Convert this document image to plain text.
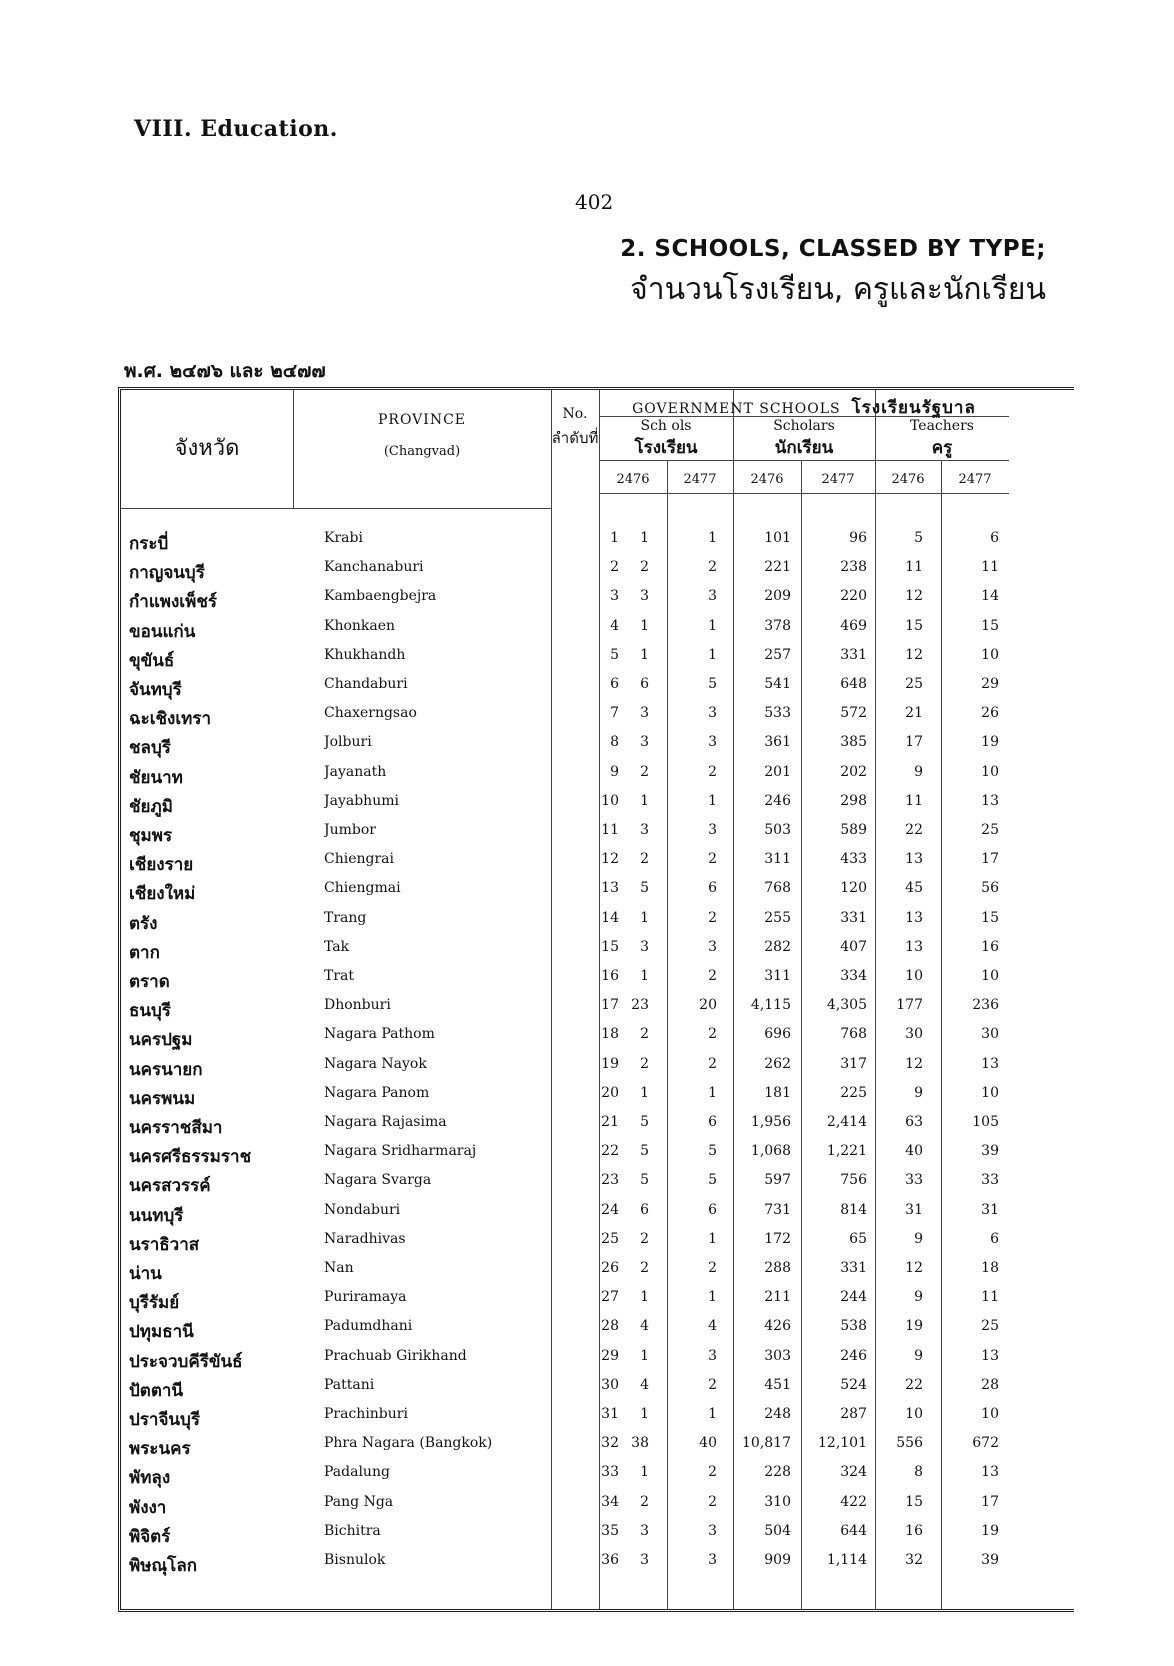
VIII. Education.
402
2. SCHOOLS, CLASSED BY TYPE;
จำนวนโรงเรียน, ครูและนักเรียน
พ.ศ. ๒๔๗๖ และ ๒๔๗๗
จังหวัด
PROVINCE
(Changvad)
No.
ลำดับที่
GOVERNMENT SCHOOLS โรงเรียนรัฐบาล
Sch ols
โรงเรียน
Scholars
นักเรียน
Teachers
ครู
2476	2477	2476	2477	2476	2477
กระบี่	Krabi	1	1	1	101	96	5	6
กาญจนบุรี	Kanchanaburi	2	2	2	221	238	11	11
กำแพงเพ็ชร์	Kambaengbejra	3	3	3	209	220	12	14
ขอนแก่น	Khonkaen	4	1	1	378	469	15	15
ขุขันธ์	Khukhandh	5	1	1	257	331	12	10
จันทบุรี	Chandaburi	6	6	5	541	648	25	29
ฉะเชิงเทรา	Chaxerngsao	7	3	3	533	572	21	26
ชลบุรี	Jolburi	8	3	3	361	385	17	19
ชัยนาท	Jayanath	9	2	2	201	202	9	10
ชัยภูมิ	Jayabhumi	10	1	1	246	298	11	13
ชุมพร	Jumbor	11	3	3	503	589	22	25
เชียงราย	Chiengrai	12	2	2	311	433	13	17
เชียงใหม่	Chiengmai	13	5	6	768	120	45	56
ตรัง	Trang	14	1	2	255	331	13	15
ตาก	Tak	15	3	3	282	407	13	16
ตราด	Trat	16	1	2	311	334	10	10
ธนบุรี	Dhonburi	17 23	20	4,115	4,305	177	236
นครปฐม	Nagara Pathom	18	2	2	696	768	30	30
นครนายก	Nagara Nayok	19	2	2	262	317	12	13
นครพนม	Nagara Panom	20	1	1	181	225	9	10
นครราชสีมา	Nagara Rajasima	21	5	6	1,956	2,414	63	105
นครศรีธรรมราช	Nagara Sridharmaraj	22	5	5	1,068	1,221	40	39
นครสวรรค์	Nagara Svarga	23	5	5	597	756	33	33
นนทบุรี	Nondaburi	24	6	6	731	814	31	31
นราธิวาส	Naradhivas	25	2	1	172	65	9	6
น่าน	Nan	26	2	2	288	331	12	18
บุรีรัมย์	Puriramaya	27	1	1	211	244	9	11
ปทุมธานี	Padumdhani	28	4	4	426	538	19	25
ประจวบคีรีขันธ์	Prachuab Girikhand	29	1	3	303	246	9	13
ปัตตานี	Pattani	30	4	2	451	524	22	28
ปราจีนบุรี	Prachinburi	31	1	1	248	287	10	10
พระนคร	Phra Nagara (Bangkok)	32 38	40	10,817	12,101	556	672
พัทลุง	Padalung	33	1	2	228	324	8	13
พังงา	Pang Nga	34	2	2	310	422	15	17
พิจิตร์	Bichitra	35	3	3	504	644	16	19
พิษณุโลก	Bisnulok	36	3	3	909	1,114	32	39
